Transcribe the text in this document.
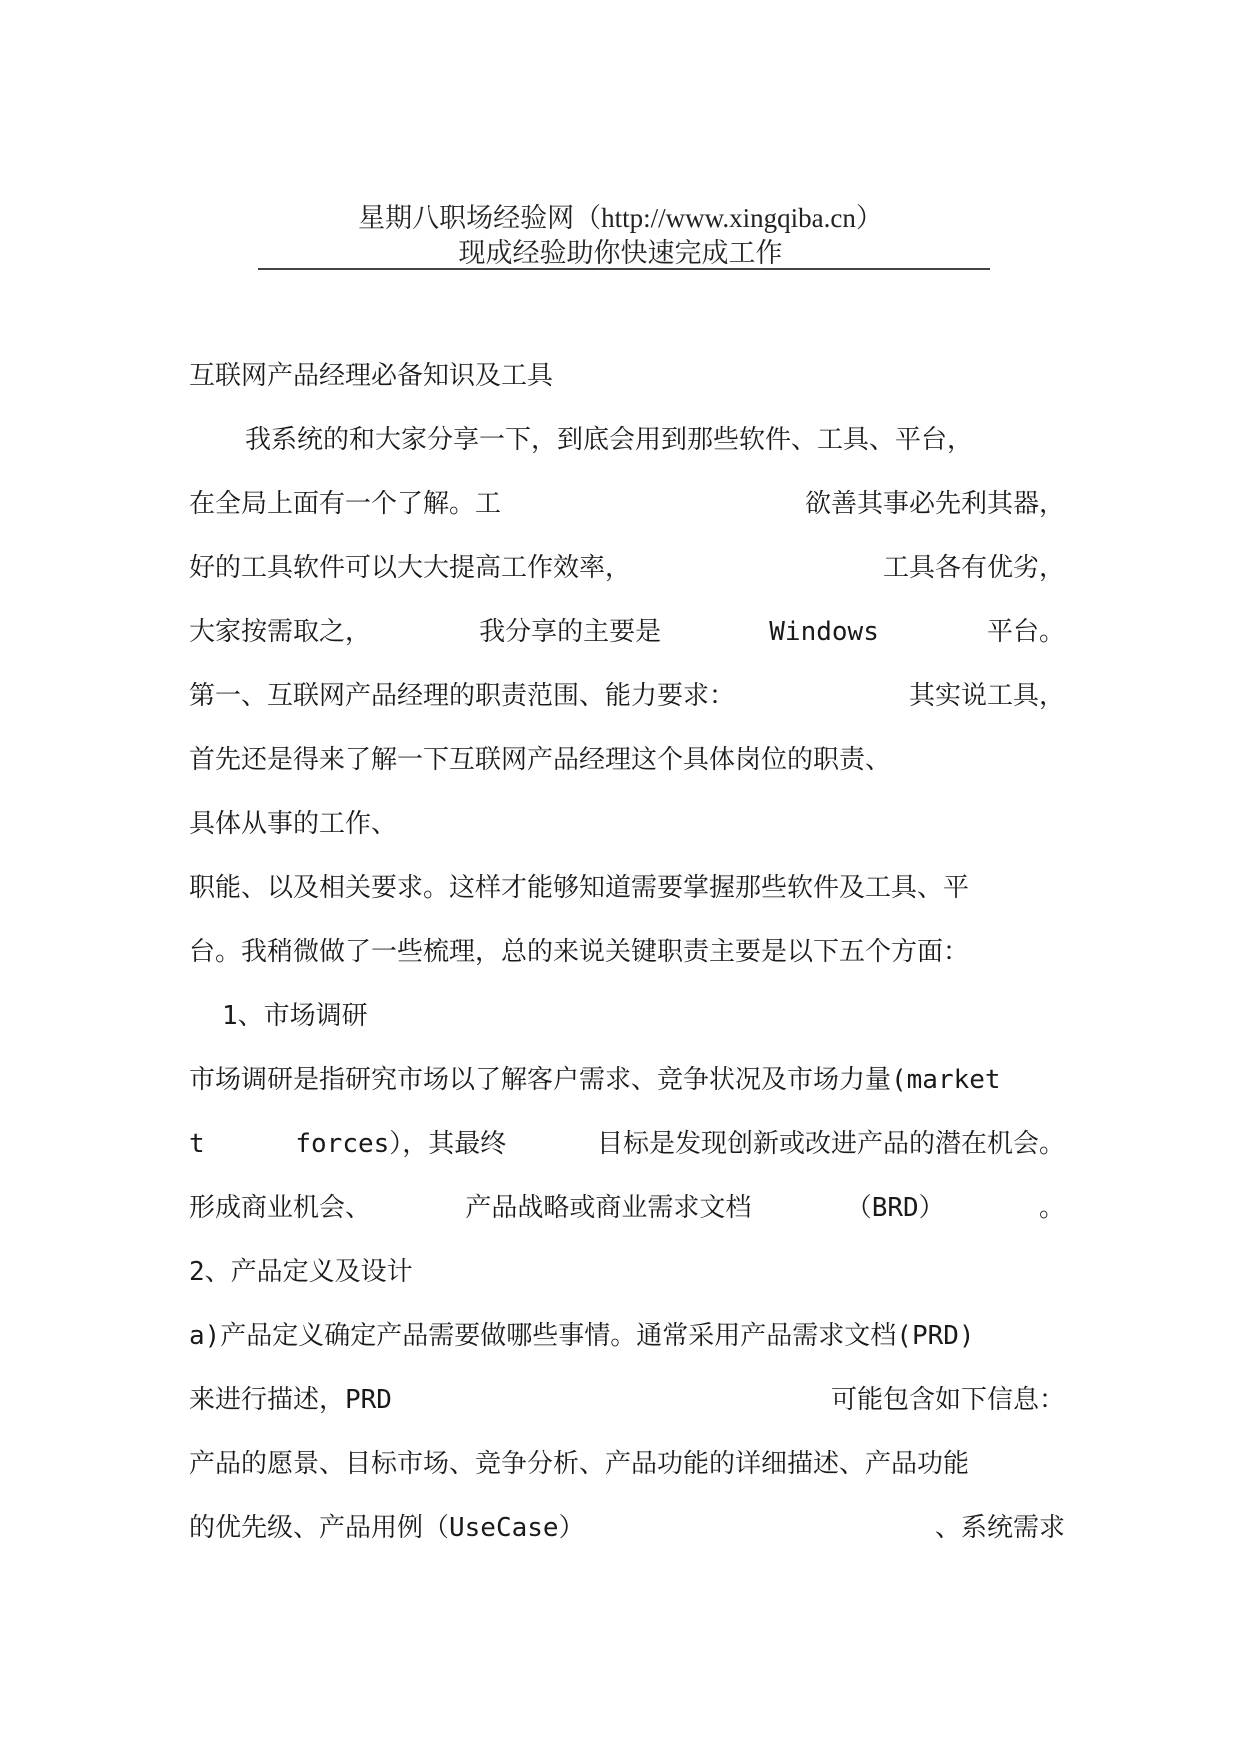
星期八职场经验网（http://www.xingqiba.cn）
现成经验助你快速完成工作
互联网产品经理必备知识及工具
我系统的和大家分享一下，到底会用到那些软件、工具、平台，
在全局上面有一个了解。工	欲善其事必先利其器，
好的工具软件可以大大提高工作效率，	工具各有优劣，
大家按需取之，	我分享的主要是	Windows	平台。
第一、互联网产品经理的职责范围、能力要求：	其实说工具，
首先还是得来了解一下互联网产品经理这个具体岗位的职责、
具体从事的工作、
职能、以及相关要求。这样才能够知道需要掌握那些软件及工具、平
台。我稍微做了一些梳理，总的来说关键职责主要是以下五个方面：
1、市场调研
市场调研是指研究市场以了解客户需求、竞争状况及市场力量(market
t	forces），其最终	目标是发现创新或改进产品的潜在机会。
形成商业机会、	产品战略或商业需求文档	（BRD）	。
2、产品定义及设计
a)产品定义确定产品需要做哪些事情。通常采用产品需求文档(PRD)
来进行描述，PRD	可能包含如下信息：
产品的愿景、目标市场、竞争分析、产品功能的详细描述、产品功能
的优先级、产品用例（UseCase）	、系统需求
